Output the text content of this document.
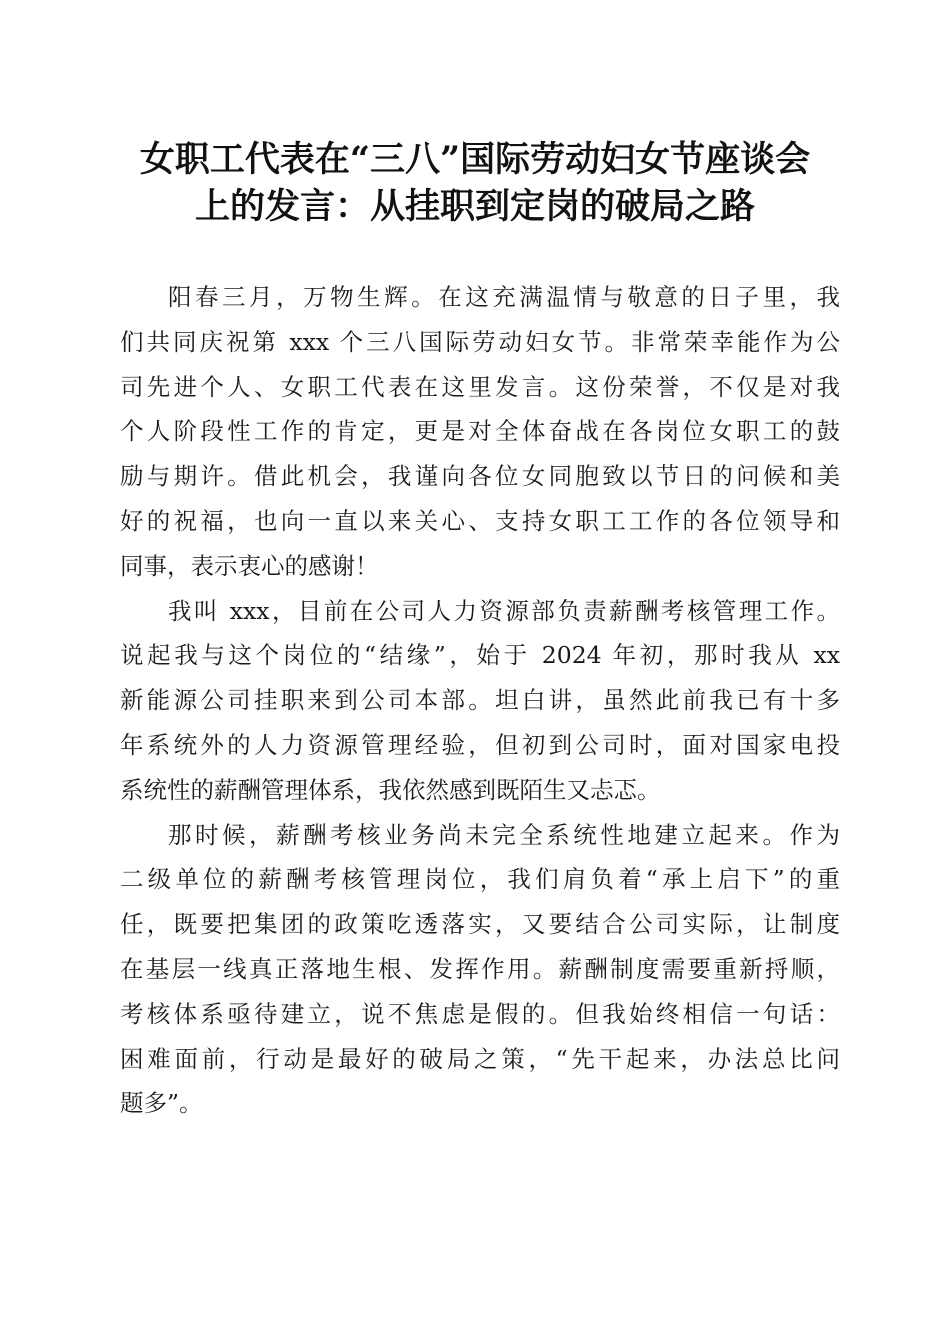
女职工代表在“三八”国际劳动妇女节座谈会
上的发言：从挂职到定岗的破局之路
阳春三月，万物生辉。在这充满温情与敬意的日子里，我
们共同庆祝第 xxx 个三八国际劳动妇女节。非常荣幸能作为公
司先进个人、女职工代表在这里发言。这份荣誉，不仅是对我
个人阶段性工作的肯定，更是对全体奋战在各岗位女职工的鼓
励与期许。借此机会，我谨向各位女同胞致以节日的问候和美
好的祝福，也向一直以来关心、支持女职工工作的各位领导和
同事，表示衷心的感谢！
我叫 xxx，目前在公司人力资源部负责薪酬考核管理工作。
说起我与这个岗位的“结缘”，始于 2024 年初，那时我从 xx
新能源公司挂职来到公司本部。坦白讲，虽然此前我已有十多
年系统外的人力资源管理经验，但初到公司时，面对国家电投
系统性的薪酬管理体系，我依然感到既陌生又忐忑。
那时候，薪酬考核业务尚未完全系统性地建立起来。作为
二级单位的薪酬考核管理岗位，我们肩负着“承上启下”的重
任，既要把集团的政策吃透落实，又要结合公司实际，让制度
在基层一线真正落地生根、发挥作用。薪酬制度需要重新捋顺，
考核体系亟待建立，说不焦虑是假的。但我始终相信一句话：
困难面前，行动是最好的破局之策，“先干起来，办法总比问
题多”。
